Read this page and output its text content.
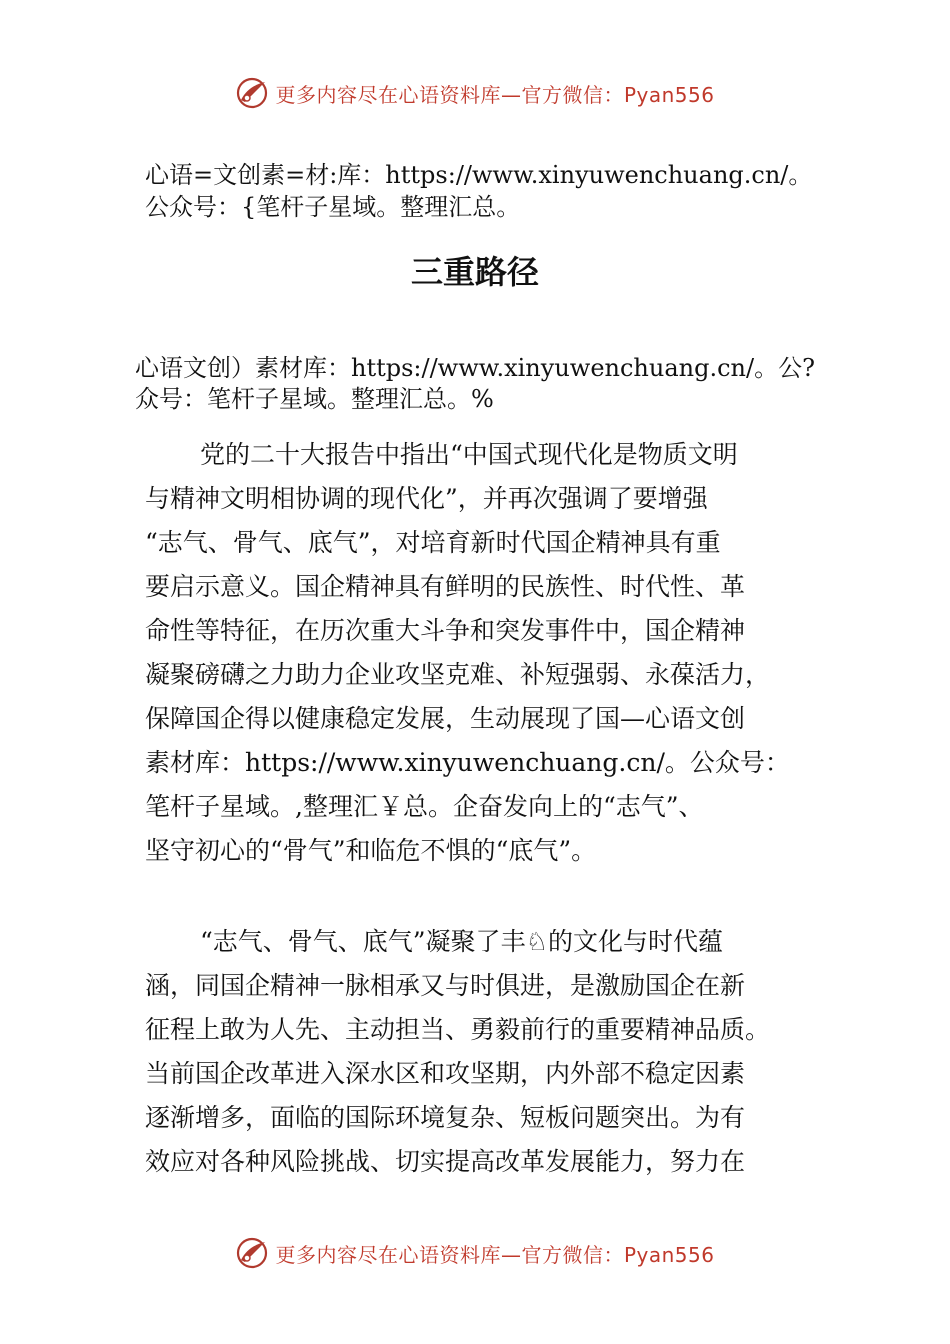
更多内容尽在心语资料库—官方微信：Pyan556
心语=文创素=材:库：https://www.xinyuwenchuang.cn/。
公众号：{笔杆子星域。整理汇总。
三重路径
心语文创）素材库：https://www.xinyuwenchuang.cn/。公?
众号：笔杆子星域。整理汇总。%
党的二十大报告中指出“中国式现代化是物质文明
与精神文明相协调的现代化”，并再次强调了要增强
“志气、骨气、底气”，对培育新时代国企精神具有重
要启示意义。国企精神具有鲜明的民族性、时代性、革
命性等特征，在历次重大斗争和突发事件中，国企精神
凝聚磅礴之力助力企业攻坚克难、补短强弱、永葆活力，
保障国企得以健康稳定发展，生动展现了国—心语文创
素材库：https://www.xinyuwenchuang.cn/。公众号：
笔杆子星域。,整理汇￥总。企奋发向上的“志气”、
坚守初心的“骨气”和临危不惧的“底气”。
“志气、骨气、底气”凝聚了丰♘的文化与时代蕴
涵，同国企精神一脉相承又与时俱进，是激励国企在新
征程上敢为人先、主动担当、勇毅前行的重要精神品质。
当前国企改革进入深水区和攻坚期，内外部不稳定因素
逐渐增多，面临的国际环境复杂、短板问题突出。为有
效应对各种风险挑战、切实提高改革发展能力，努力在
更多内容尽在心语资料库—官方微信：Pyan556
